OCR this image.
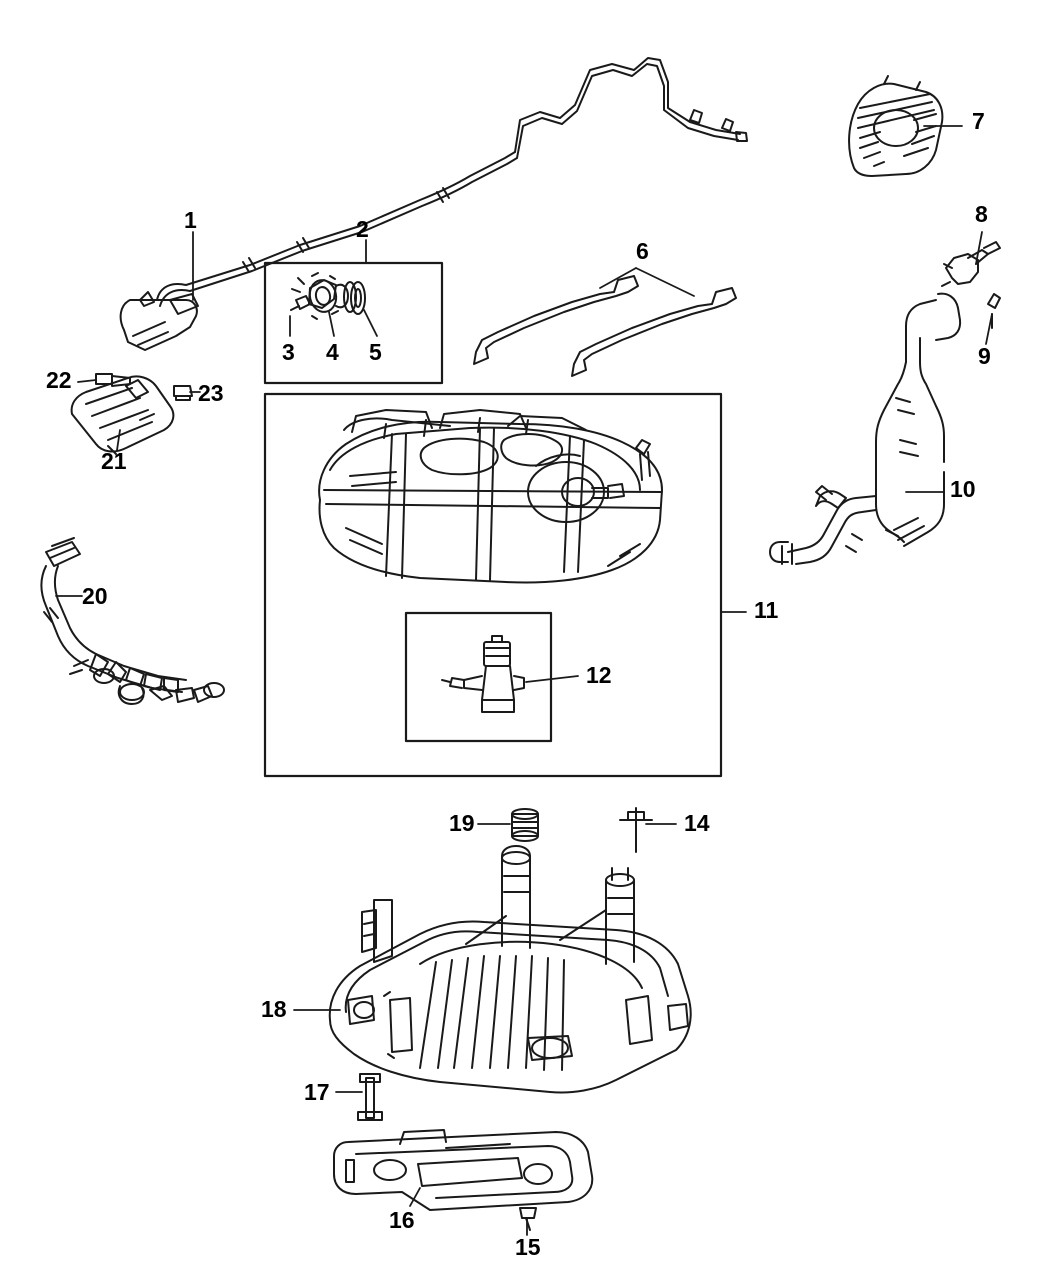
1	2
3 4 5
6
7
8
9
10
11
12
14
15
16
17
18
19
20
21
22	23
